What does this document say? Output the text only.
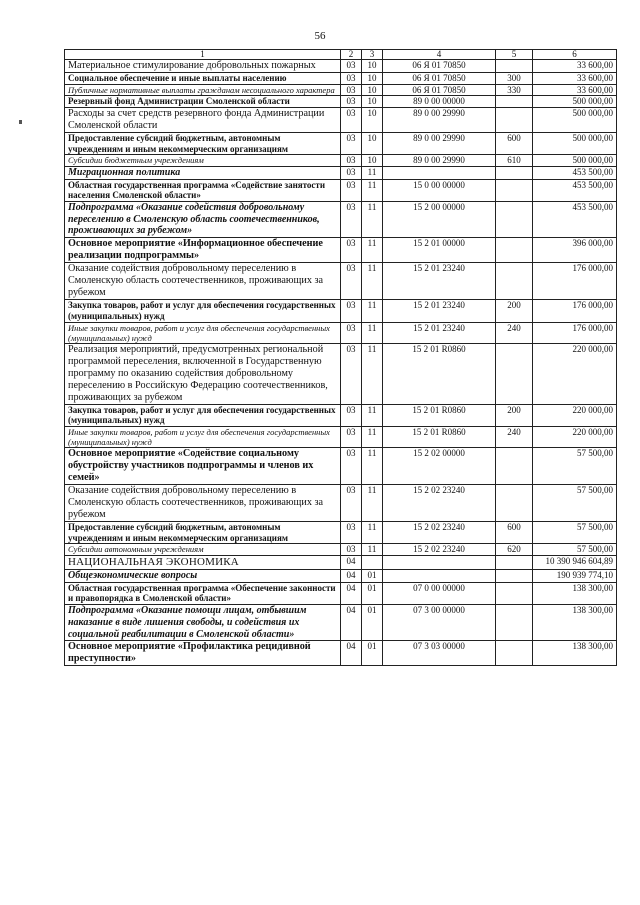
56
1	2	3	4	5	6
Материальное стимулирование добровольных пожарных	03	10	06 Я 01 70850		33 600,00
Социальное обеспечение и иные выплаты населению	03	10	06 Я 01 70850	300	33 600,00
Публичные нормативные выплаты гражданам несоциального характера	03	10	06 Я 01 70850	330	33 600,00
Резервный фонд Администрации Смоленской области	03	10	89 0 00 00000		500 000,00
Расходы за счет средств резервного фонда Администрации Смоленской области	03	10	89 0 00 29990		500 000,00
Предоставление субсидий бюджетным, автономным учреждениям и иным некоммерческим организациям	03	10	89 0 00 29990	600	500 000,00
Субсидии бюджетным учреждениям	03	10	89 0 00 29990	610	500 000,00
Миграционная политика	03	11			453 500,00
Областная государственная программа «Содействие занятости населения Смоленской области»	03	11	15 0 00 00000		453 500,00
Подпрограмма «Оказание содействия добровольному переселению в Смоленскую область соотечественников, проживающих за рубежом»	03	11	15 2 00 00000		453 500,00
Основное мероприятие «Информационное обеспечение реализации подпрограммы»	03	11	15 2 01 00000		396 000,00
Оказание содействия добровольному переселению в Смоленскую область соотечественников, проживающих за рубежом	03	11	15 2 01 23240		176 000,00
Закупка товаров, работ и услуг для обеспечения государственных (муниципальных) нужд	03	11	15 2 01 23240	200	176 000,00
Иные закупки товаров, работ и услуг для обеспечения государственных (муниципальных) нужд	03	11	15 2 01 23240	240	176 000,00
Реализация мероприятий, предусмотренных региональной программой переселения, включенной в Государственную программу по оказанию содействия добровольному переселению в Российскую Федерацию соотечественников, проживающих за рубежом	03	11	15 2 01 R0860		220 000,00
Закупка товаров, работ и услуг для обеспечения государственных (муниципальных) нужд	03	11	15 2 01 R0860	200	220 000,00
Иные закупки товаров, работ и услуг для обеспечения государственных (муниципальных) нужд	03	11	15 2 01 R0860	240	220 000,00
Основное мероприятие «Содействие социальному обустройству участников подпрограммы и членов их семей»	03	11	15 2 02 00000		57 500,00
Оказание содействия добровольному переселению в Смоленскую область соотечественников, проживающих за рубежом	03	11	15 2 02 23240		57 500,00
Предоставление субсидий бюджетным, автономным учреждениям и иным некоммерческим организациям	03	11	15 2 02 23240	600	57 500,00
Субсидии автономным учреждениям	03	11	15 2 02 23240	620	57 500,00
НАЦИОНАЛЬНАЯ ЭКОНОМИКА	04				10 390 946 604,89
Общеэкономические вопросы	04	01			190 939 774,10
Областная государственная программа «Обеспечение законности и правопорядка в Смоленской области»	04	01	07 0 00 00000		138 300,00
Подпрограмма «Оказание помощи лицам, отбывшим наказание в виде лишения свободы, и содействия их социальной реабилитации в Смоленской области»	04	01	07 3 00 00000		138 300,00
Основное мероприятие «Профилактика рецидивной преступности»	04	01	07 3 03 00000		138 300,00
